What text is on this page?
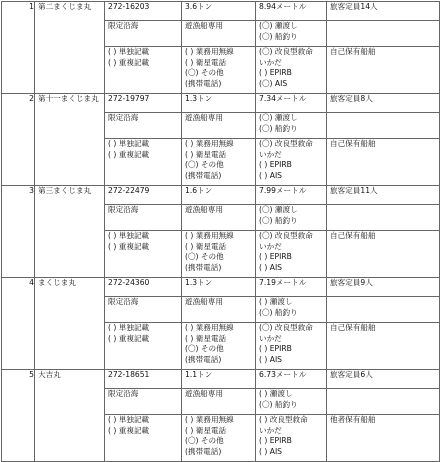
1	第二まくじま丸	272-16203	3.6トン	8.94メートル	旅客定員14人
		限定沿海	遊漁船専用	(〇) 瀬渡し
(〇) 船釣り	

		( ) 単独記載
( ) 重複記載	( ) 業務用無線
( ) 衛星電話
(〇) その他
(携帯電話)	(〇) 改良型救命
いかだ
( ) EPIRB
(〇) AIS	自己保有船舶
2	第十一まくじま丸	272-19797	1.3トン	7.34メートル	旅客定員8人
		限定沿海	遊漁船専用	(〇) 瀬渡し
(〇) 船釣り	

		( ) 単独記載
( ) 重複記載	( ) 業務用無線
( ) 衛星電話
(〇) その他
(携帯電話)	(〇) 改良型救命
いかだ
( ) EPIRB
( ) AIS	自己保有船舶
3	第三まくじま丸	272-22479	1.6トン	7.99メートル	旅客定員11人
		限定沿海	遊漁船専用	(〇) 瀬渡し
(〇) 船釣り	

		( ) 単独記載
( ) 重複記載	( ) 業務用無線
( ) 衛星電話
(〇) その他
(携帯電話)	(〇) 改良型救命
いかだ
( ) EPIRB
( ) AIS	自己保有船舶
4	まくじま丸	272-24360	1.3トン	7.19メートル	旅客定員9人
		限定沿海	遊漁船専用	( ) 瀬渡し
(〇) 船釣り	

		( ) 単独記載
( ) 重複記載	( ) 業務用無線
( ) 衛星電話
(〇) その他
(携帯電話)	(〇) 改良型救命
いかだ
( ) EPIRB
( ) AIS	自己保有船舶
5	大吉丸	272-18651	1.1トン	6.73メートル	旅客定員6人
		限定沿海	遊漁船専用	( ) 瀬渡し
(〇) 船釣り	

		( ) 単独記載
( ) 重複記載	( ) 業務用無線
( ) 衛星電話
(〇) その他
(携帯電話)	( ) 改良型救命
いかだ
( ) EPIRB
( ) AIS	他者保有船舶
